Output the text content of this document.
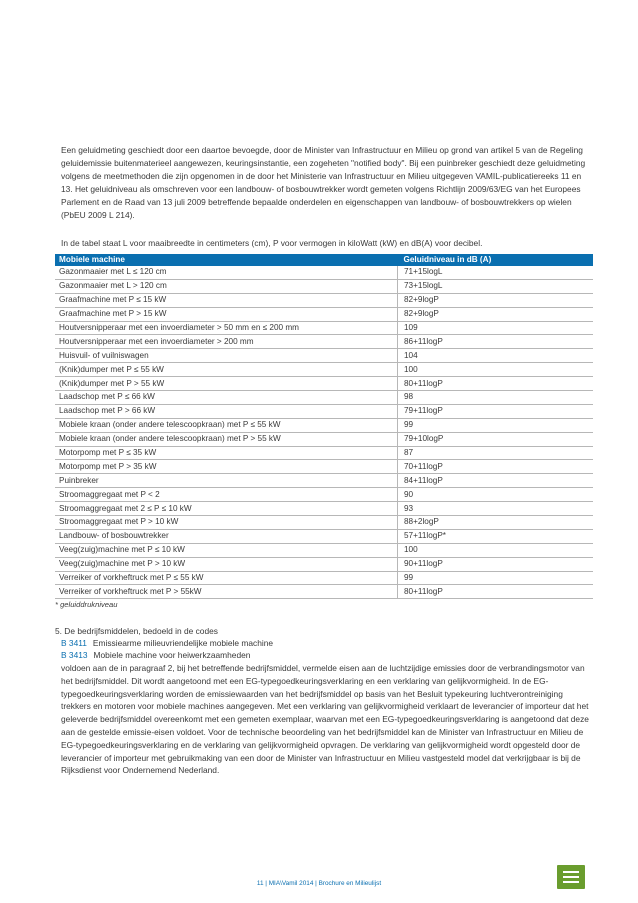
Een geluidmeting geschiedt door een daartoe bevoegde, door de Minister van Infrastructuur en Milieu op grond van artikel 5 van de Regeling geluidemissie buitenmaterieel aangewezen, keuringsinstantie, een zogeheten "notified body". Bij een puinbreker geschiedt deze geluidmeting volgens de meetmethoden die zijn opgenomen in de door het Ministerie van Infrastructuur en Milieu uitgegeven VAMIL-publicatiereeks 11 en 13. Het geluidniveau als omschreven voor een landbouw- of bosbouwtrekker wordt gemeten volgens Richtlijn 2009/63/EG van het Europees Parlement en de Raad van 13 juli 2009 betreffende bepaalde onderdelen en eigenschappen van landbouw- of bosbouwtrekkers op wielen (PbEU 2009 L 214).

In de tabel staat L voor maaibreedte in centimeters (cm), P voor vermogen in kiloWatt (kW) en dB(A) voor decibel.

Mobiele machine	Geluidniveau in dB (A)
Gazonmaaier met L ≤ 120 cm	71+15logL
Gazonmaaier met L > 120 cm	73+15logL
Graafmachine met P ≤ 15 kW	82+9logP
Graafmachine met P > 15 kW	82+9logP
Houtversnipperaar met een invoerdiameter > 50 mm en ≤ 200 mm	109
Houtversnipperaar met een invoerdiameter > 200 mm	86+11logP
Huisvuil- of vuilniswagen	104
(Knik)dumper met P ≤ 55 kW	100
(Knik)dumper met P > 55 kW	80+11logP
Laadschop met P ≤ 66 kW	98
Laadschop met P > 66 kW	79+11logP
Mobiele kraan (onder andere telescoopkraan) met P ≤ 55 kW	99
Mobiele kraan (onder andere telescoopkraan) met P > 55 kW	79+10logP
Motorpomp met P ≤ 35 kW	87
Motorpomp met P > 35 kW	70+11logP
Puinbreker	84+11logP
Stroomaggregaat met P < 2	90
Stroomaggregaat met 2 ≤ P ≤ 10 kW	93
Stroomaggregaat met P > 10 kW	88+2logP
Landbouw- of bosbouwtrekker	57+11logP*
Veeg(zuig)machine met P ≤ 10 kW	100
Veeg(zuig)machine met P > 10 kW	90+11logP
Verreiker of vorkheftruck met P ≤ 55 kW	99
Verreiker of vorkheftruck met P > 55kW	80+11logP

* geluiddrukniveau

5. De bedrijfsmiddelen, bedoeld in de codes

B 3411 Emissiearme milieuvriendelijke mobiele machine
B 3413 Mobiele machine voor heiwerkzaamheden

voldoen aan de in paragraaf 2, bij het betreffende bedrijfsmiddel, vermelde eisen aan de luchtzijdige emissies door de verbrandingsmotor van het bedrijfsmiddel. Dit wordt aangetoond met een EG-typegoedkeuringsverklaring en een verklaring van gelijkvormigheid. In de EG-typegoedkeuringsverklaring worden de emissiewaarden van het bedrijfsmiddel op basis van het Besluit typekeuring luchtverontreiniging trekkers en motoren voor mobiele machines aangegeven. Met een verklaring van gelijkvormigheid verklaart de leverancier of importeur dat het geleverde bedrijfsmiddel overeenkomt met een gemeten exemplaar, waarvan met een EG-typegoedkeuringsverklaring is aangetoond dat deze aan de gestelde emissie-eisen voldoet. Voor de technische beoordeling van het bedrijfsmiddel kan de Minister van Infrastructuur en Milieu de EG-typegoedkeuringsverklaring en de verklaring van gelijkvormigheid opvragen. De verklaring van gelijkvormigheid wordt opgesteld door de leverancier of importeur met gebruikmaking van een door de Minister van Infrastructuur en Milieu vastgesteld model dat verkrijgbaar is bij de Rijksdienst voor Ondernemend Nederland.

11 | MIA\Vamil 2014 | Brochure en Milieulijst
